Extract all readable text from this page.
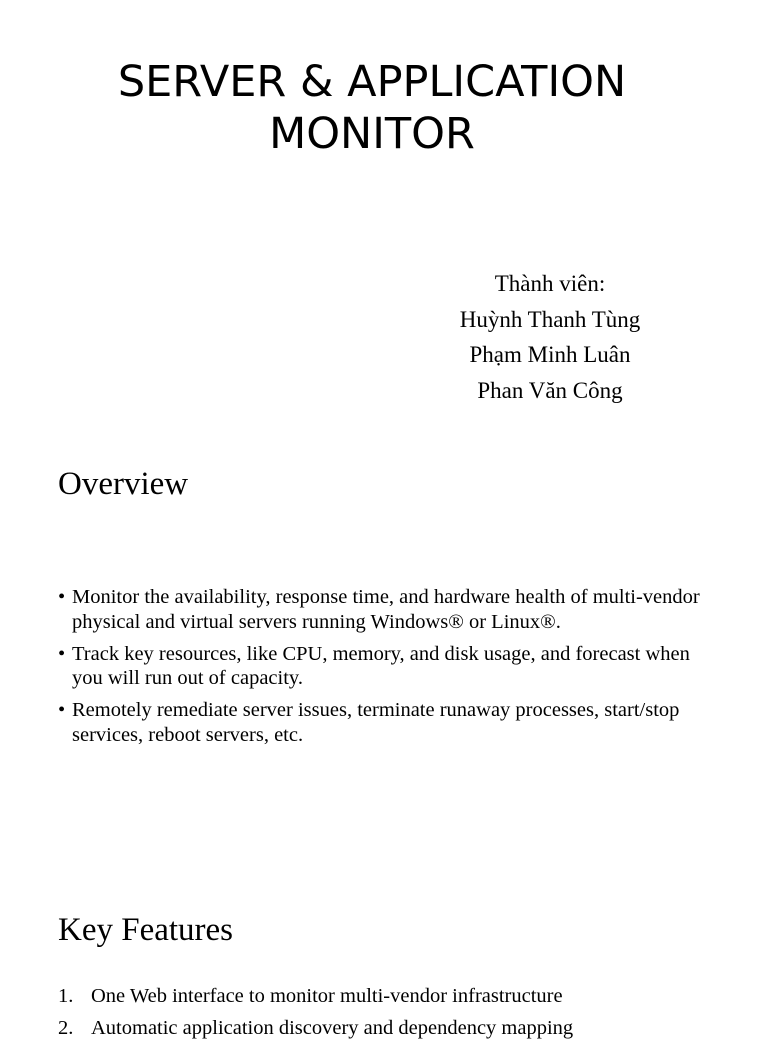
SERVER & APPLICATION
MONITOR
Thành viên:
Huỳnh Thanh Tùng
Phạm Minh Luân
Phan Văn Công
Overview
• Monitor the availability, response time, and hardware health of multi-vendor physical and virtual servers running Windows® or Linux®.
• Track key resources, like CPU, memory, and disk usage, and forecast when you will run out of capacity.
• Remotely remediate server issues, terminate runaway processes, start/stop services, reboot servers, etc.
Key Features
1. One Web interface to monitor multi-vendor infrastructure
2. Automatic application discovery and dependency mapping
